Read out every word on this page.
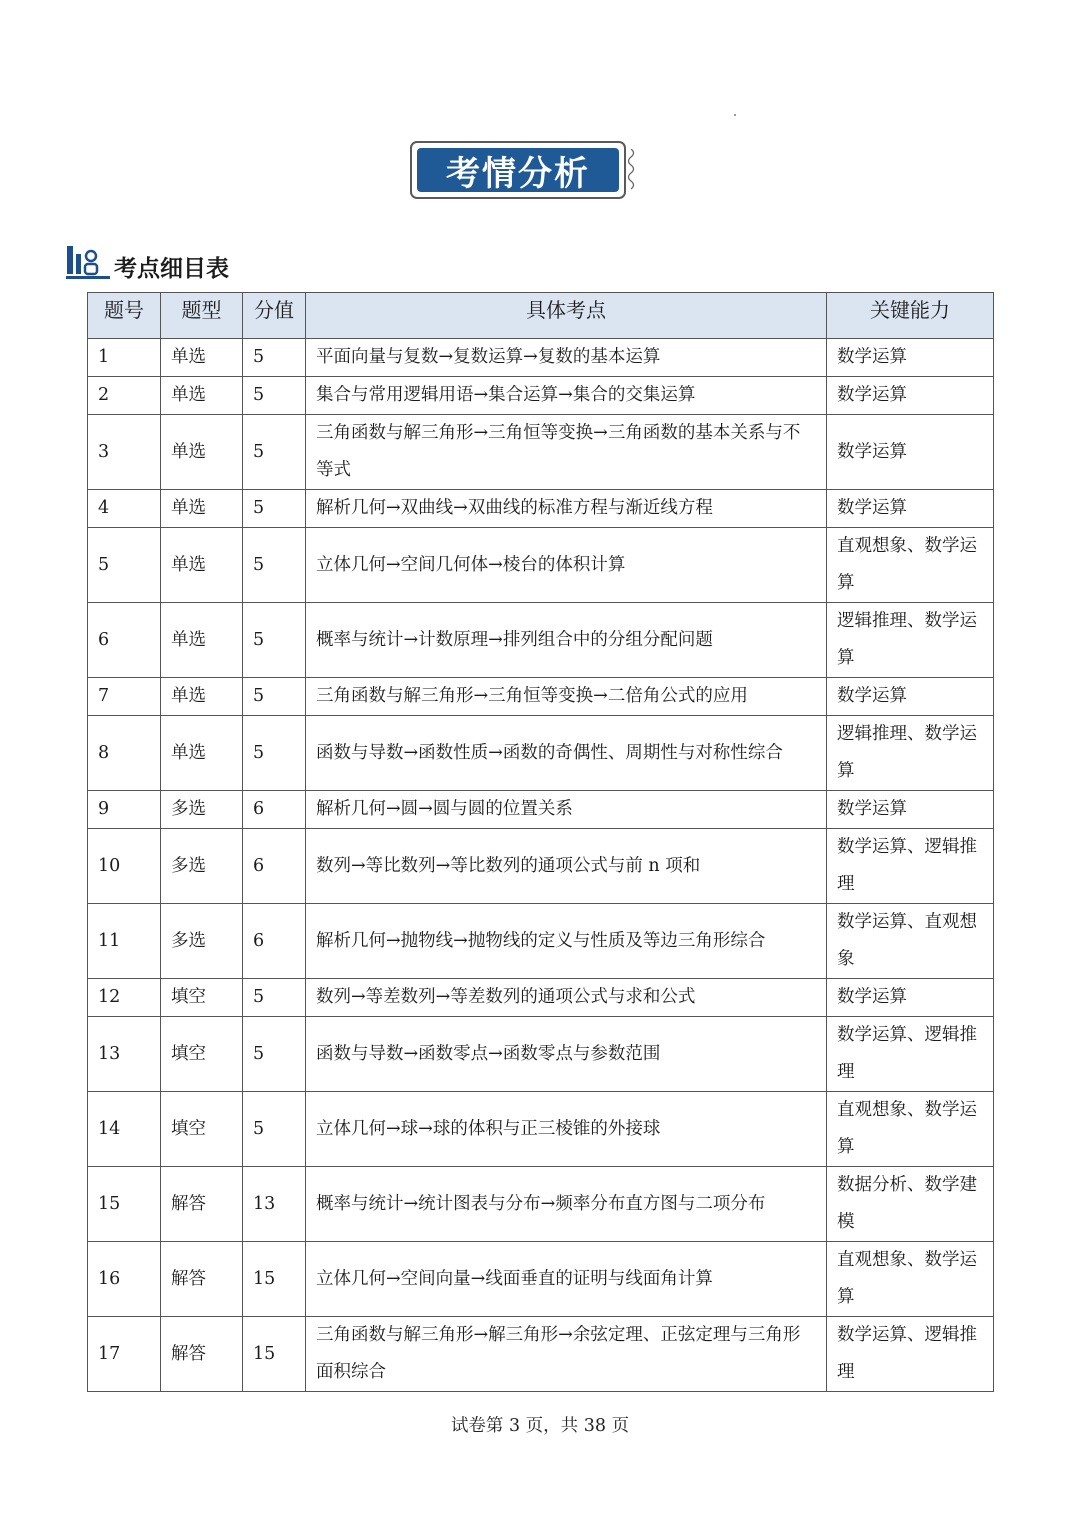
考情分析
考点细目表
题号	题型	分值	具体考点	关键能力
1	单选	5	平面向量与复数→复数运算→复数的基本运算	数学运算
2	单选	5	集合与常用逻辑用语→集合运算→集合的交集运算	数学运算
3	单选	5	三角函数与解三角形→三角恒等变换→三角函数的基本关系与不等式	数学运算
4	单选	5	解析几何→双曲线→双曲线的标准方程与渐近线方程	数学运算
5	单选	5	立体几何→空间几何体→棱台的体积计算	直观想象、数学运算
6	单选	5	概率与统计→计数原理→排列组合中的分组分配问题	逻辑推理、数学运算
7	单选	5	三角函数与解三角形→三角恒等变换→二倍角公式的应用	数学运算
8	单选	5	函数与导数→函数性质→函数的奇偶性、周期性与对称性综合	逻辑推理、数学运算
9	多选	6	解析几何→圆→圆与圆的位置关系	数学运算
10	多选	6	数列→等比数列→等比数列的通项公式与前 n 项和	数学运算、逻辑推理
11	多选	6	解析几何→抛物线→抛物线的定义与性质及等边三角形综合	数学运算、直观想象
12	填空	5	数列→等差数列→等差数列的通项公式与求和公式	数学运算
13	填空	5	函数与导数→函数零点→函数零点与参数范围	数学运算、逻辑推理
14	填空	5	立体几何→球→球的体积与正三棱锥的外接球	直观想象、数学运算
15	解答	13	概率与统计→统计图表与分布→频率分布直方图与二项分布	数据分析、数学建模
16	解答	15	立体几何→空间向量→线面垂直的证明与线面角计算	直观想象、数学运算
17	解答	15	三角函数与解三角形→解三角形→余弦定理、正弦定理与三角形面积综合	数学运算、逻辑推理
试卷第 3 页，共 38 页
